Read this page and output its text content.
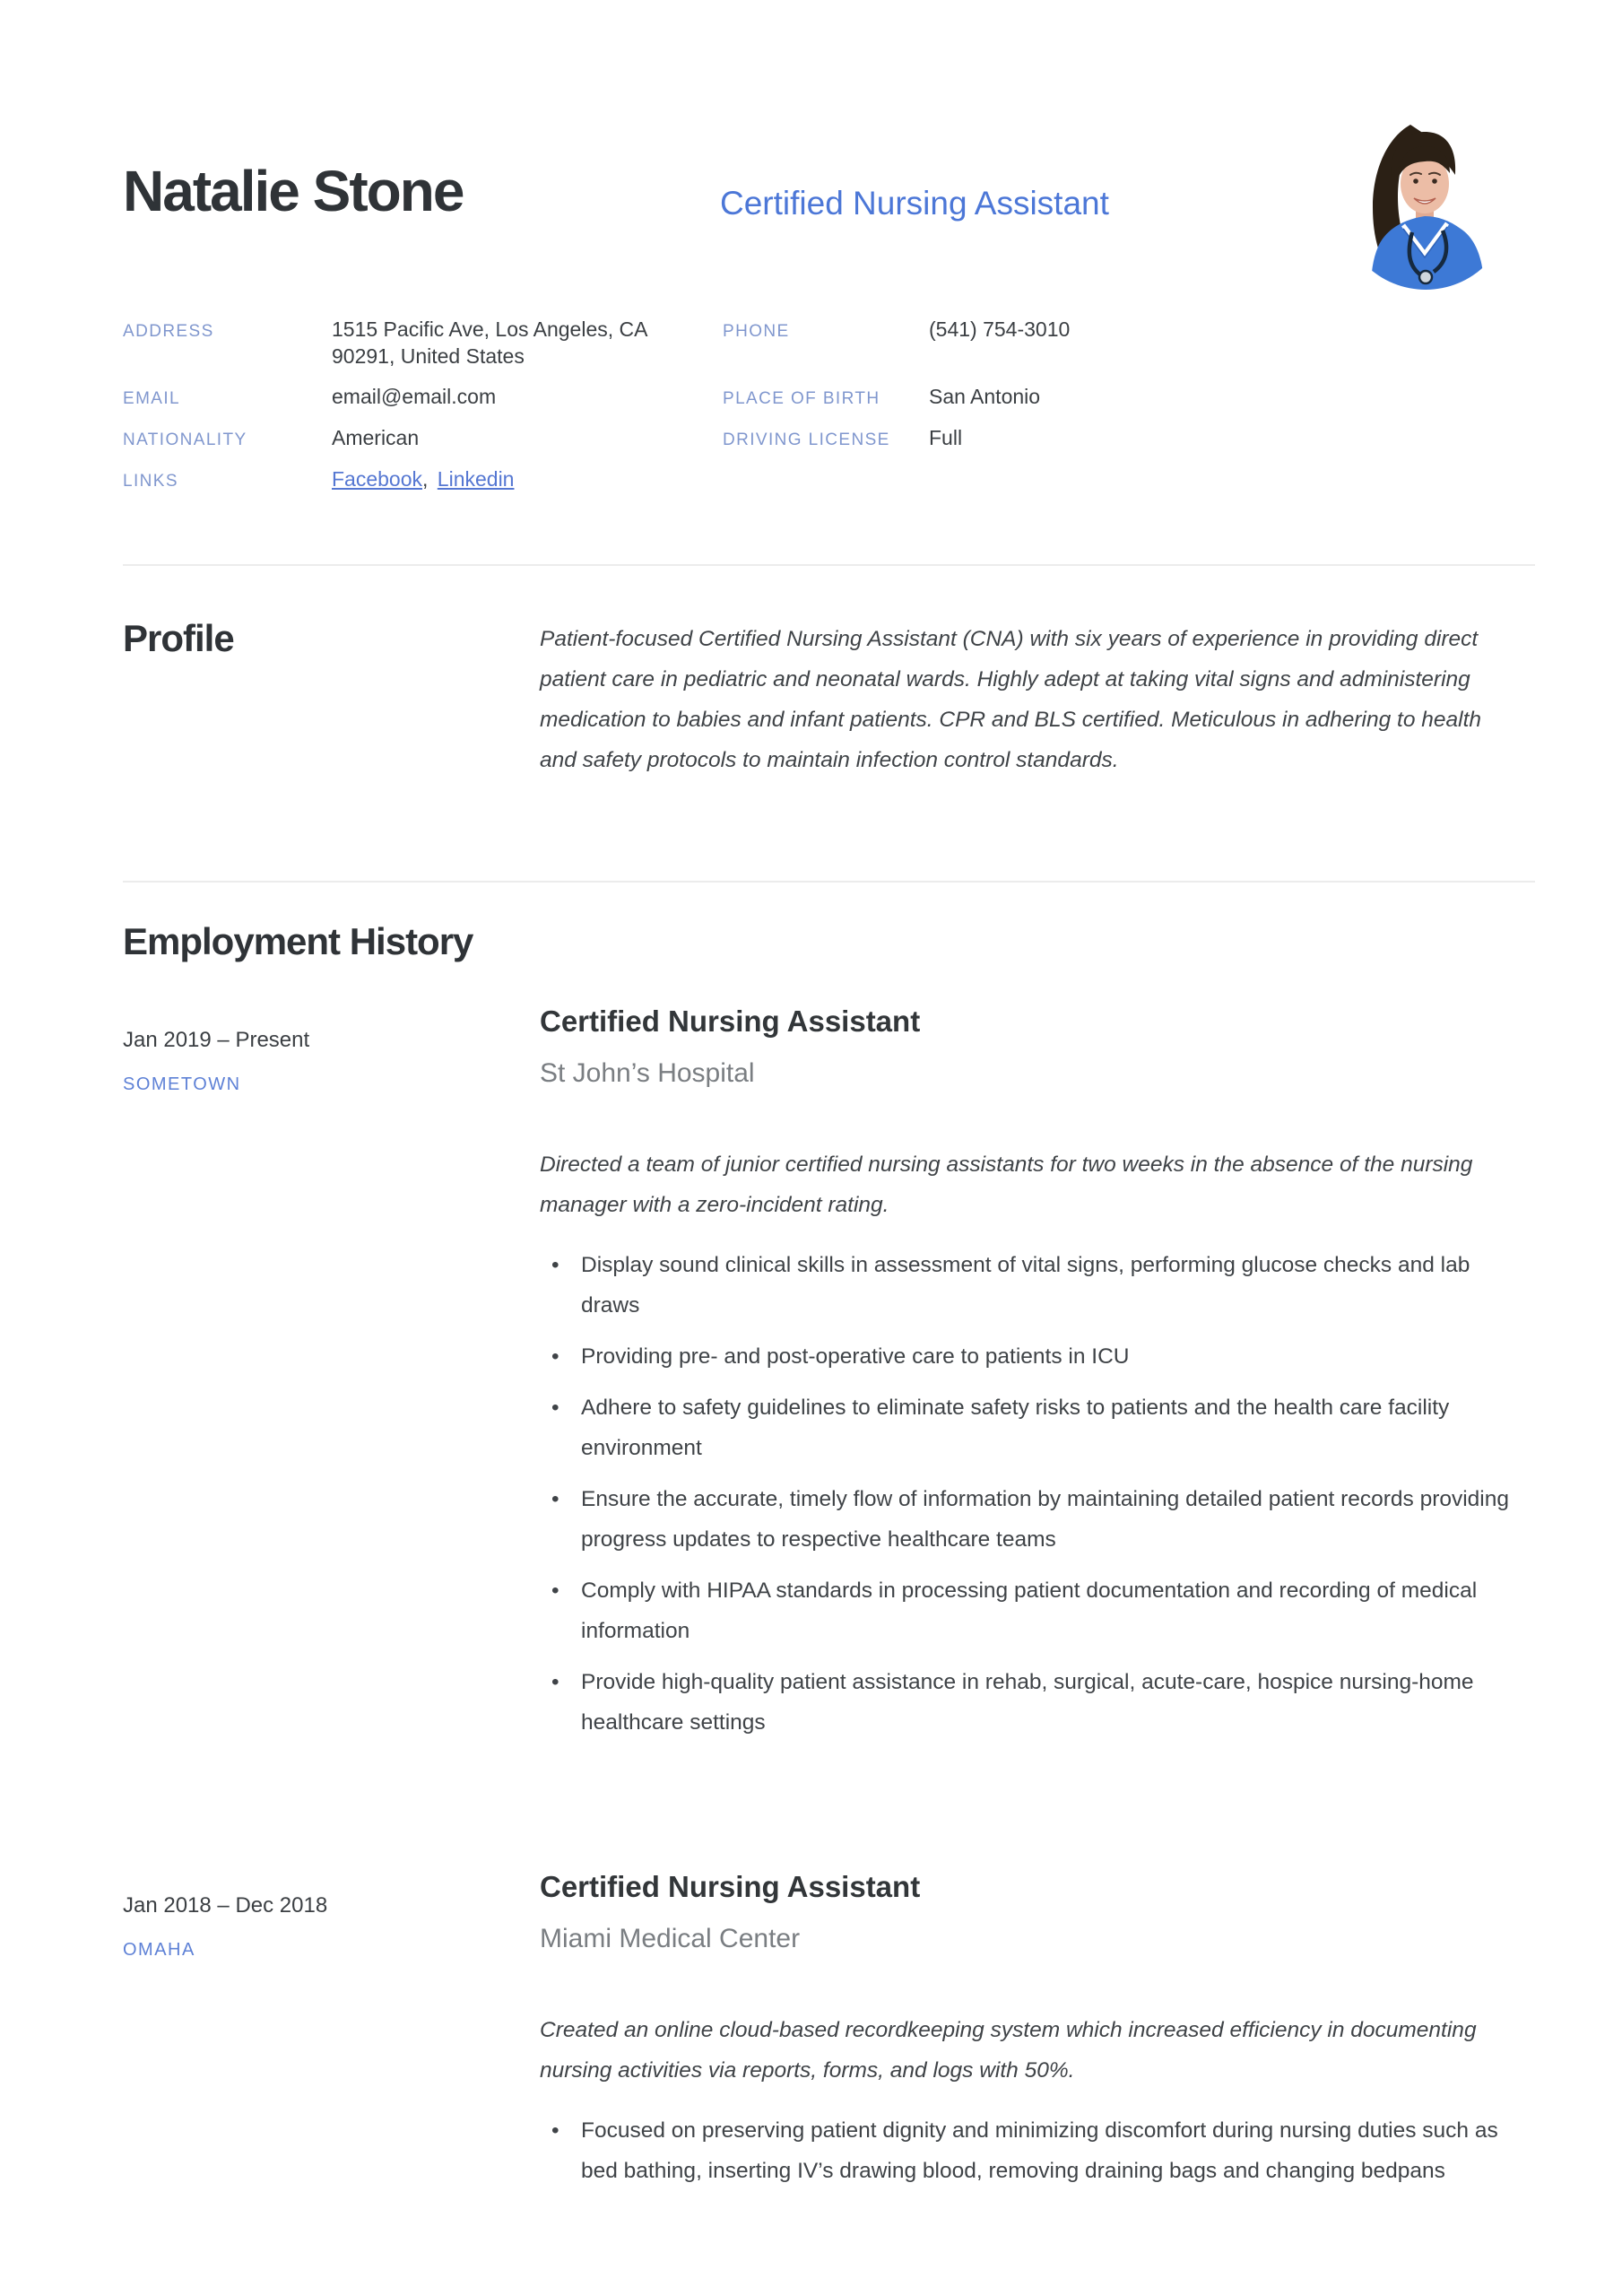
Natalie Stone	Certified Nursing Assistant
ADDRESS	1515 Pacific Ave, Los Angeles, CA 90291, United States
PHONE	(541) 754-3010
EMAIL	email@email.com	PLACE OF BIRTH	San Antonio
NATIONALITY	American	DRIVING LICENSE	Full
LINKS	Facebook, Linkedin
Profile	Patient-focused Certified Nursing Assistant (CNA) with six years of experience in providing direct patient care in pediatric and neonatal wards. Highly adept at taking vital signs and administering medication to babies and infant patients. CPR and BLS certified. Meticulous in adhering to health and safety protocols to maintain infection control standards.
Employment History
Jan 2019 – Present
SOMETOWN
Certified Nursing Assistant
St John’s Hospital
Directed a team of junior certified nursing assistants for two weeks in the absence of the nursing manager with a zero-incident rating.
• Display sound clinical skills in assessment of vital signs, performing glucose checks and lab draws
• Providing pre- and post-operative care to patients in ICU
• Adhere to safety guidelines to eliminate safety risks to patients and the health care facility environment
• Ensure the accurate, timely flow of information by maintaining detailed patient records providing progress updates to respective healthcare teams
• Comply with HIPAA standards in processing patient documentation and recording of medical information
• Provide high-quality patient assistance in rehab, surgical, acute-care, hospice nursing-home healthcare settings
Jan 2018 – Dec 2018
OMAHA
Certified Nursing Assistant
Miami Medical Center
Created an online cloud-based recordkeeping system which increased efficiency in documenting nursing activities via reports, forms, and logs with 50%.
• Focused on preserving patient dignity and minimizing discomfort during nursing duties such as bed bathing, inserting IV’s drawing blood, removing draining bags and changing bedpans
